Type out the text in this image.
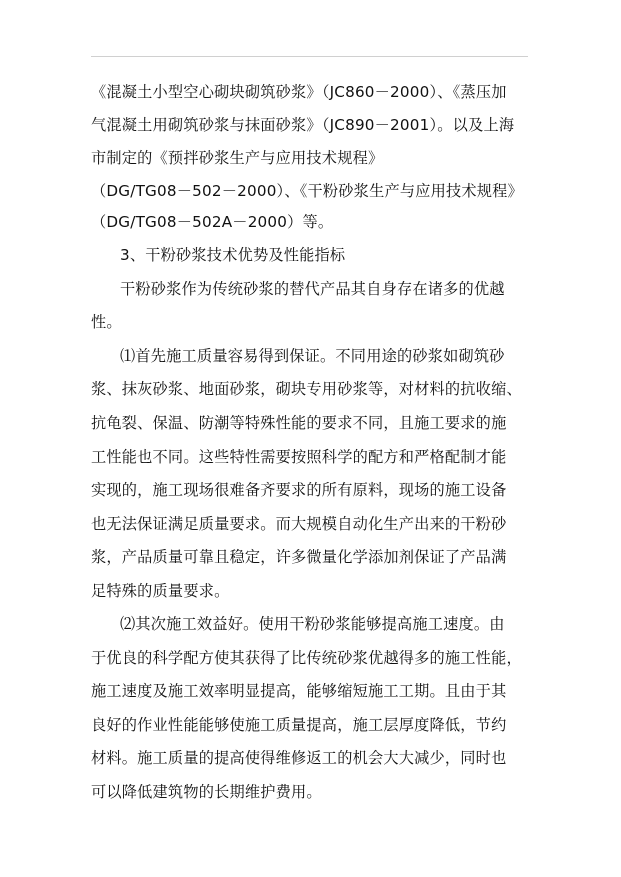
《混凝土小型空心砌块砌筑砂浆》（JC860－2000）、《蒸压加
气混凝土用砌筑砂浆与抹面砂浆》（JC890－2001）。以及上海
市制定的《预拌砂浆生产与应用技术规程》
（DG/TG08－502－2000）、《干粉砂浆生产与应用技术规程》
（DG/TG08－502A－2000）等。
3、干粉砂浆技术优势及性能指标
干粉砂浆作为传统砂浆的替代产品其自身存在诸多的优越
性。
⑴首先施工质量容易得到保证。不同用途的砂浆如砌筑砂
浆、抹灰砂浆、地面砂浆，砌块专用砂浆等，对材料的抗收缩、
抗龟裂、保温、防潮等特殊性能的要求不同，且施工要求的施
工性能也不同。这些特性需要按照科学的配方和严格配制才能
实现的，施工现场很难备齐要求的所有原料，现场的施工设备
也无法保证满足质量要求。而大规模自动化生产出来的干粉砂
浆，产品质量可靠且稳定，许多微量化学添加剂保证了产品满
足特殊的质量要求。
⑵其次施工效益好。使用干粉砂浆能够提高施工速度。由
于优良的科学配方使其获得了比传统砂浆优越得多的施工性能，
施工速度及施工效率明显提高，能够缩短施工工期。且由于其
良好的作业性能能够使施工质量提高，施工层厚度降低，节约
材料。施工质量的提高使得维修返工的机会大大减少，同时也
可以降低建筑物的长期维护费用。
